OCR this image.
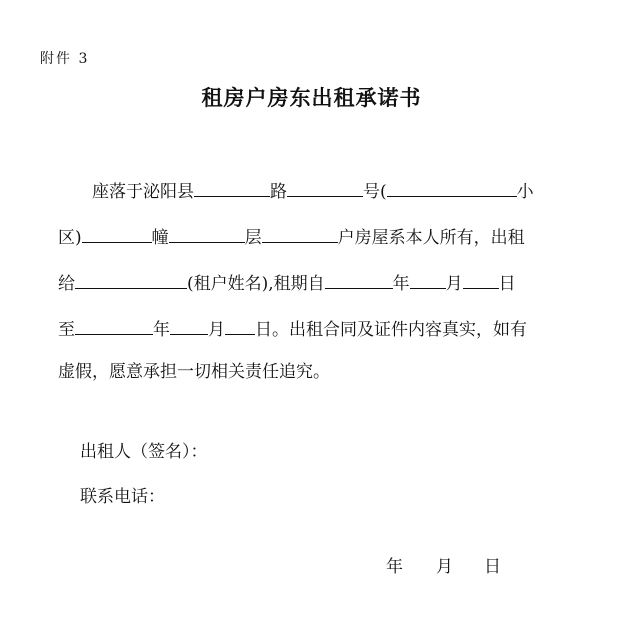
附件 3
租房户房东出租承诺书
座落于泌阳县	路	号(	小
区)	幢	层	户房屋系本人所有，出租
给	(租户姓名),租期自	年 月 日
至	年 月 日。出租合同及证件内容真实，如有
虚假，愿意承担一切相关责任追究。
出租人（签名）：
联系电话：
年 月 日
